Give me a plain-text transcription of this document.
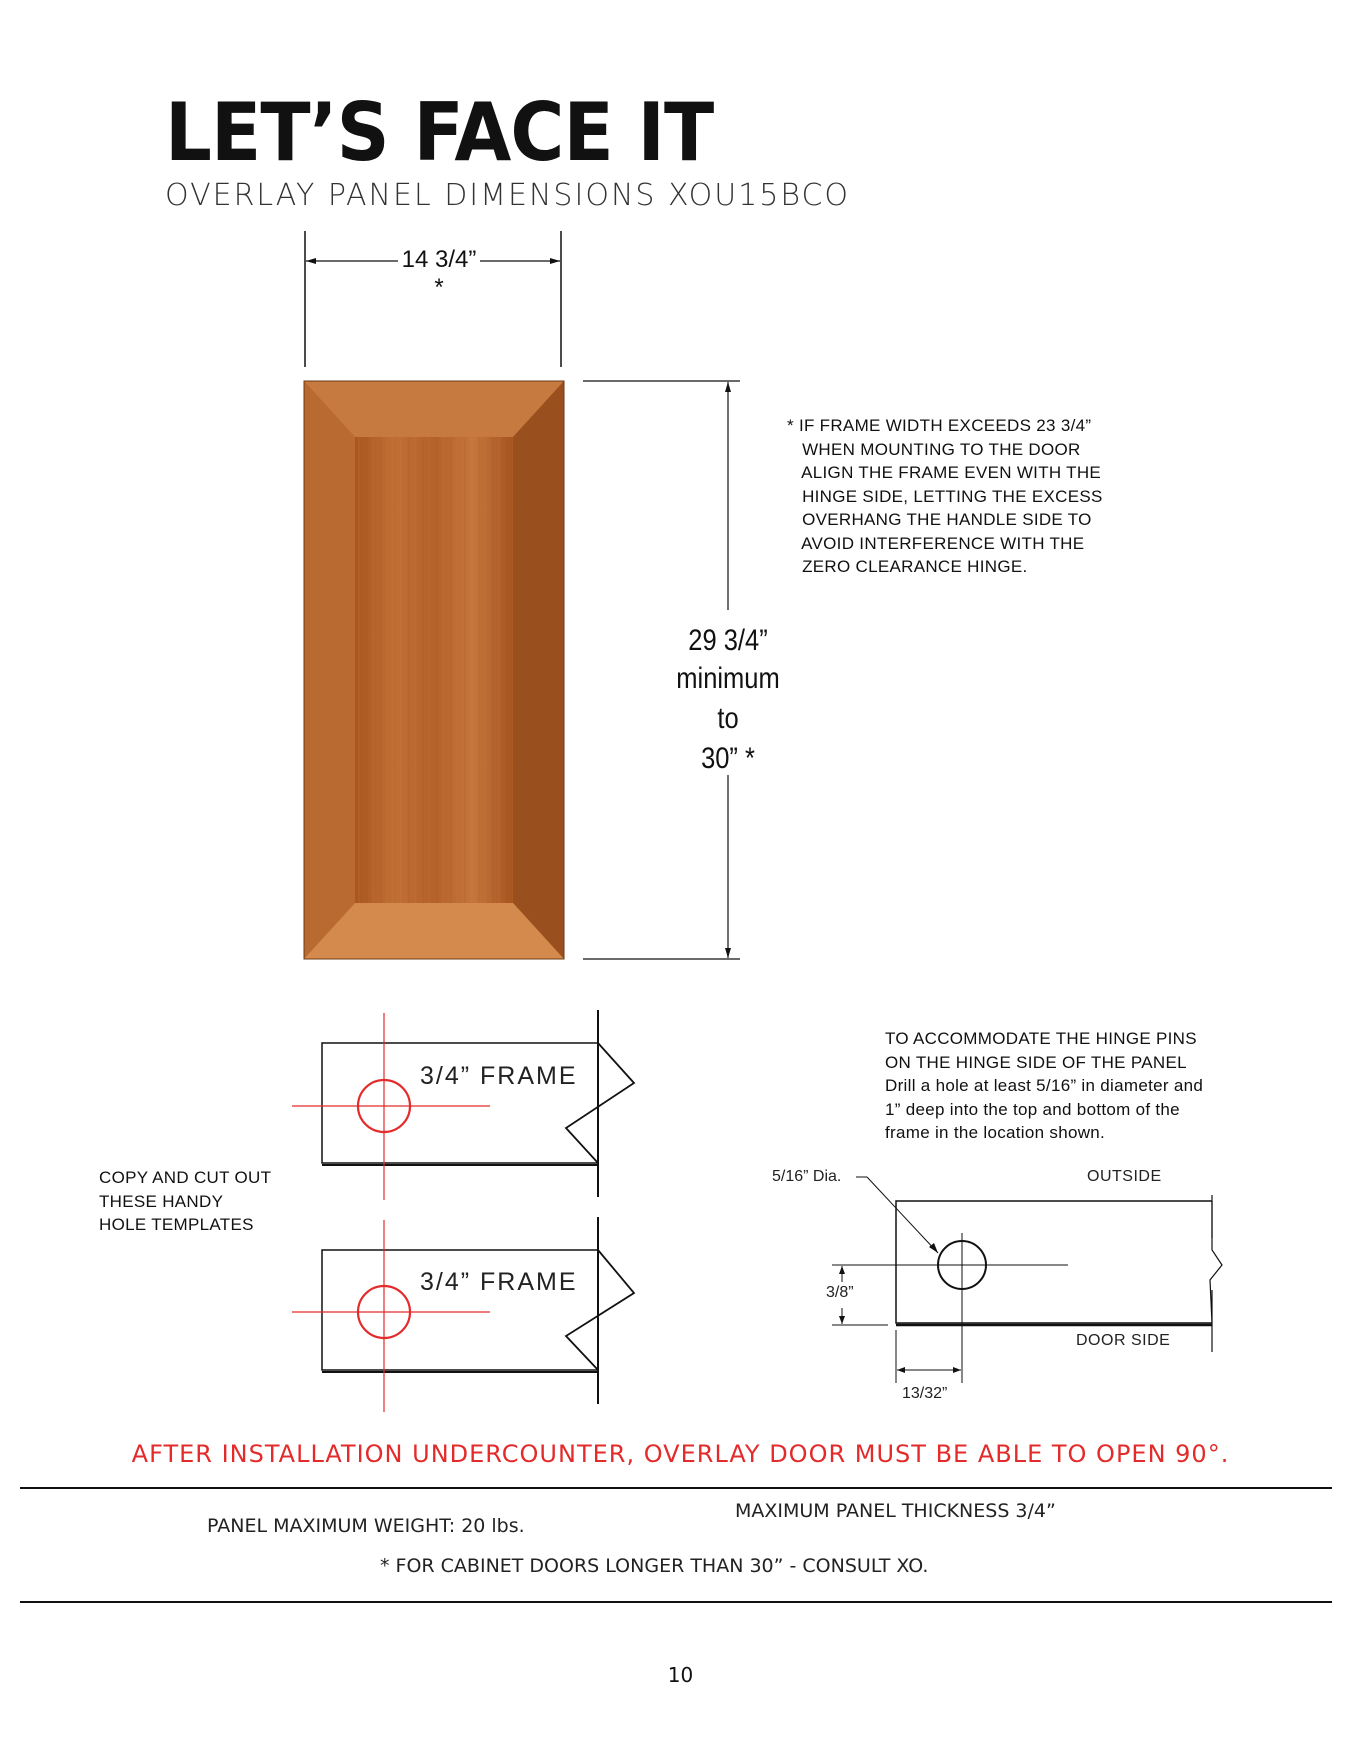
LET’S FACE IT
OVERLAY PANEL DIMENSIONS XOU15BCO
14 3/4” *
29 3/4”
minimum
to
30” *
* IF FRAME WIDTH EXCEEDS 23 3/4”
WHEN MOUNTING TO THE DOOR
ALIGN THE FRAME EVEN WITH THE
HINGE SIDE, LETTING THE EXCESS
OVERHANG THE HANDLE SIDE TO
AVOID INTERFERENCE WITH THE
ZERO CLEARANCE HINGE.
3/4” FRAME
3/4” FRAME
COPY AND CUT OUT
THESE HANDY
HOLE TEMPLATES
TO ACCOMMODATE THE HINGE PINS
ON THE HINGE SIDE OF THE PANEL
Drill a hole at least 5/16” in diameter and
1” deep into the top and bottom of the
frame in the location shown.
5/16” Dia.	OUTSIDE
DOOR SIDE
3/8”
13/32”
AFTER INSTALLATION UNDERCOUNTER, OVERLAY DOOR MUST BE ABLE TO OPEN 90°.
PANEL MAXIMUM WEIGHT: 20 lbs.
MAXIMUM PANEL THICKNESS 3/4”
* FOR CABINET DOORS LONGER THAN 30” - CONSULT XO.
10
